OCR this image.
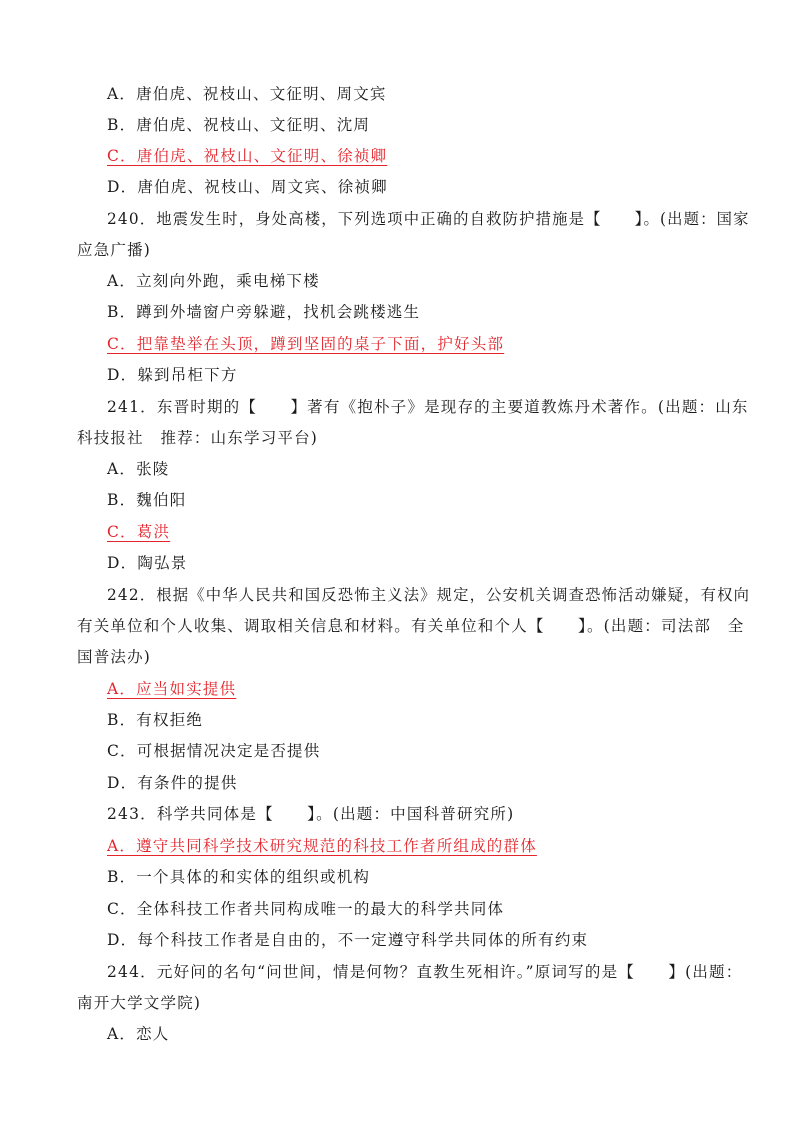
A．唐伯虎、祝枝山、文征明、周文宾
B．唐伯虎、祝枝山、文征明、沈周
C．唐伯虎、祝枝山、文征明、徐祯卿
D．唐伯虎、祝枝山、周文宾、徐祯卿
240．地震发生时，身处高楼，下列选项中正确的自救防护措施是【　　】。(出题：国家
应急广播)
A．立刻向外跑，乘电梯下楼
B．蹲到外墙窗户旁躲避，找机会跳楼逃生
C．把靠垫举在头顶，蹲到坚固的桌子下面，护好头部
D．躲到吊柜下方
241．东晋时期的【　　】著有《抱朴子》是现存的主要道教炼丹术著作。(出题：山东
科技报社　推荐：山东学习平台)
A．张陵
B．魏伯阳
C．葛洪
D．陶弘景
242．根据《中华人民共和国反恐怖主义法》规定，公安机关调查恐怖活动嫌疑，有权向
有关单位和个人收集、调取相关信息和材料。有关单位和个人【　　】。(出题：司法部　全
国普法办)
A．应当如实提供
B．有权拒绝
C．可根据情况决定是否提供
D．有条件的提供
243．科学共同体是【　　】。(出题：中国科普研究所)
A．遵守共同科学技术研究规范的科技工作者所组成的群体
B．一个具体的和实体的组织或机构
C．全体科技工作者共同构成唯一的最大的科学共同体
D．每个科技工作者是自由的，不一定遵守科学共同体的所有约束
244．元好问的名句“问世间，情是何物？直教生死相许。”原词写的是【　　】(出题：
南开大学文学院)
A．恋人
